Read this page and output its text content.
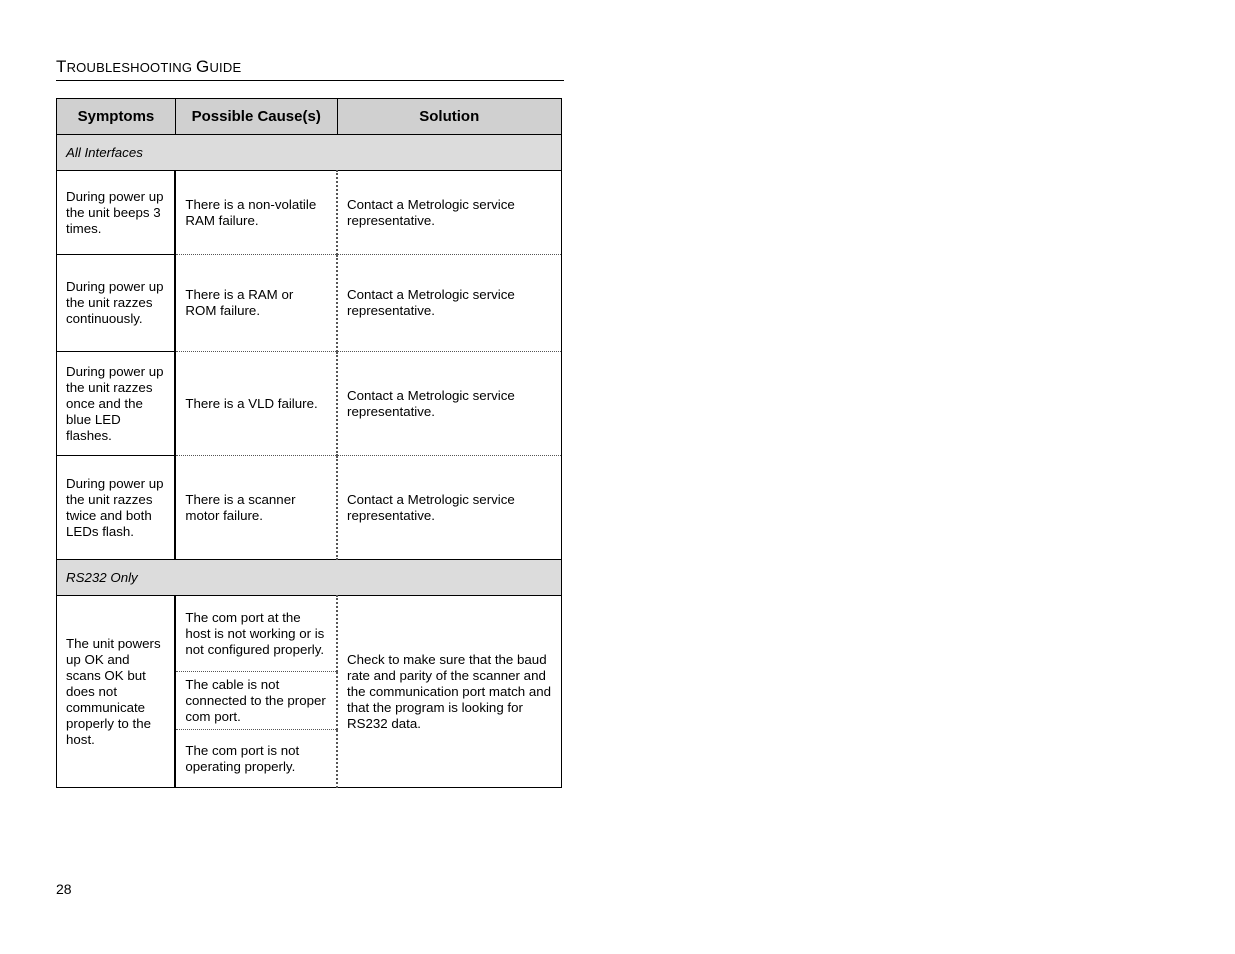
TROUBLESHOOTING GUIDE
Symptoms	Possible Cause(s)	Solution
All Interfaces		
During power up the unit beeps 3 times.	There is a non-volatile RAM failure.	Contact a Metrologic service representative.
During power up the unit razzes continuously.	There is a RAM or ROM failure.	Contact a Metrologic service representative.
During power up the unit razzes once and the blue LED flashes.	There is a VLD failure.	Contact a Metrologic service representative.
During power up the unit razzes twice and both LEDs flash.	There is a scanner motor failure.	Contact a Metrologic service representative.
RS232 Only		
The unit powers up OK and scans OK but does not communicate properly to the host.	The com port at the host is not working or is not configured properly.	Check to make sure that the baud rate and parity of the scanner and the communication port match and that the program is looking for RS232 data.
	The cable is not connected to the proper com port.	
	The com port is not operating properly.	
28
